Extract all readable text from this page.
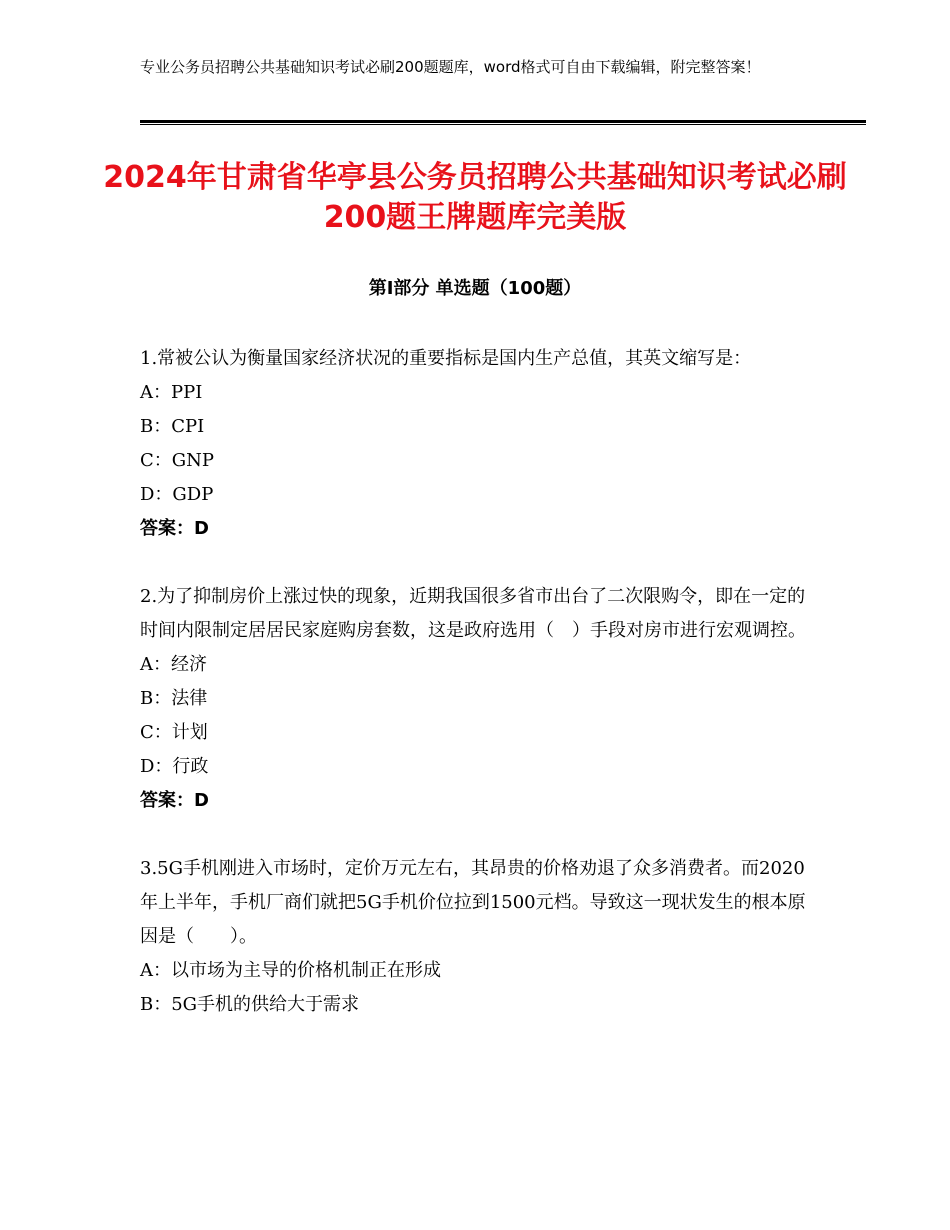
专业公务员招聘公共基础知识考试必刷200题题库，word格式可自由下载编辑，附完整答案！
2024年甘肃省华亭县公务员招聘公共基础知识考试必刷200题王牌题库完美版
第Ⅰ部分 单选题（100题）

1.常被公认为衡量国家经济状况的重要指标是国内生产总值，其英文缩写是：

A：PPI

B：CPI

C：GNP

D：GDP

答案：D

2.为了抑制房价上涨过快的现象，近期我国很多省市出台了二次限购令，即在一定的时间内限制定居居民家庭购房套数，这是政府选用（　）手段对房市进行宏观调控。

A：经济

B：法律

C：计划

D：行政

答案：D

3.5G手机刚进入市场时，定价万元左右，其昂贵的价格劝退了众多消费者。而2020年上半年，手机厂商们就把5G手机价位拉到1500元档。导致这一现状发生的根本原因是（　　）。

A：以市场为主导的价格机制正在形成

B：5G手机的供给大于需求
